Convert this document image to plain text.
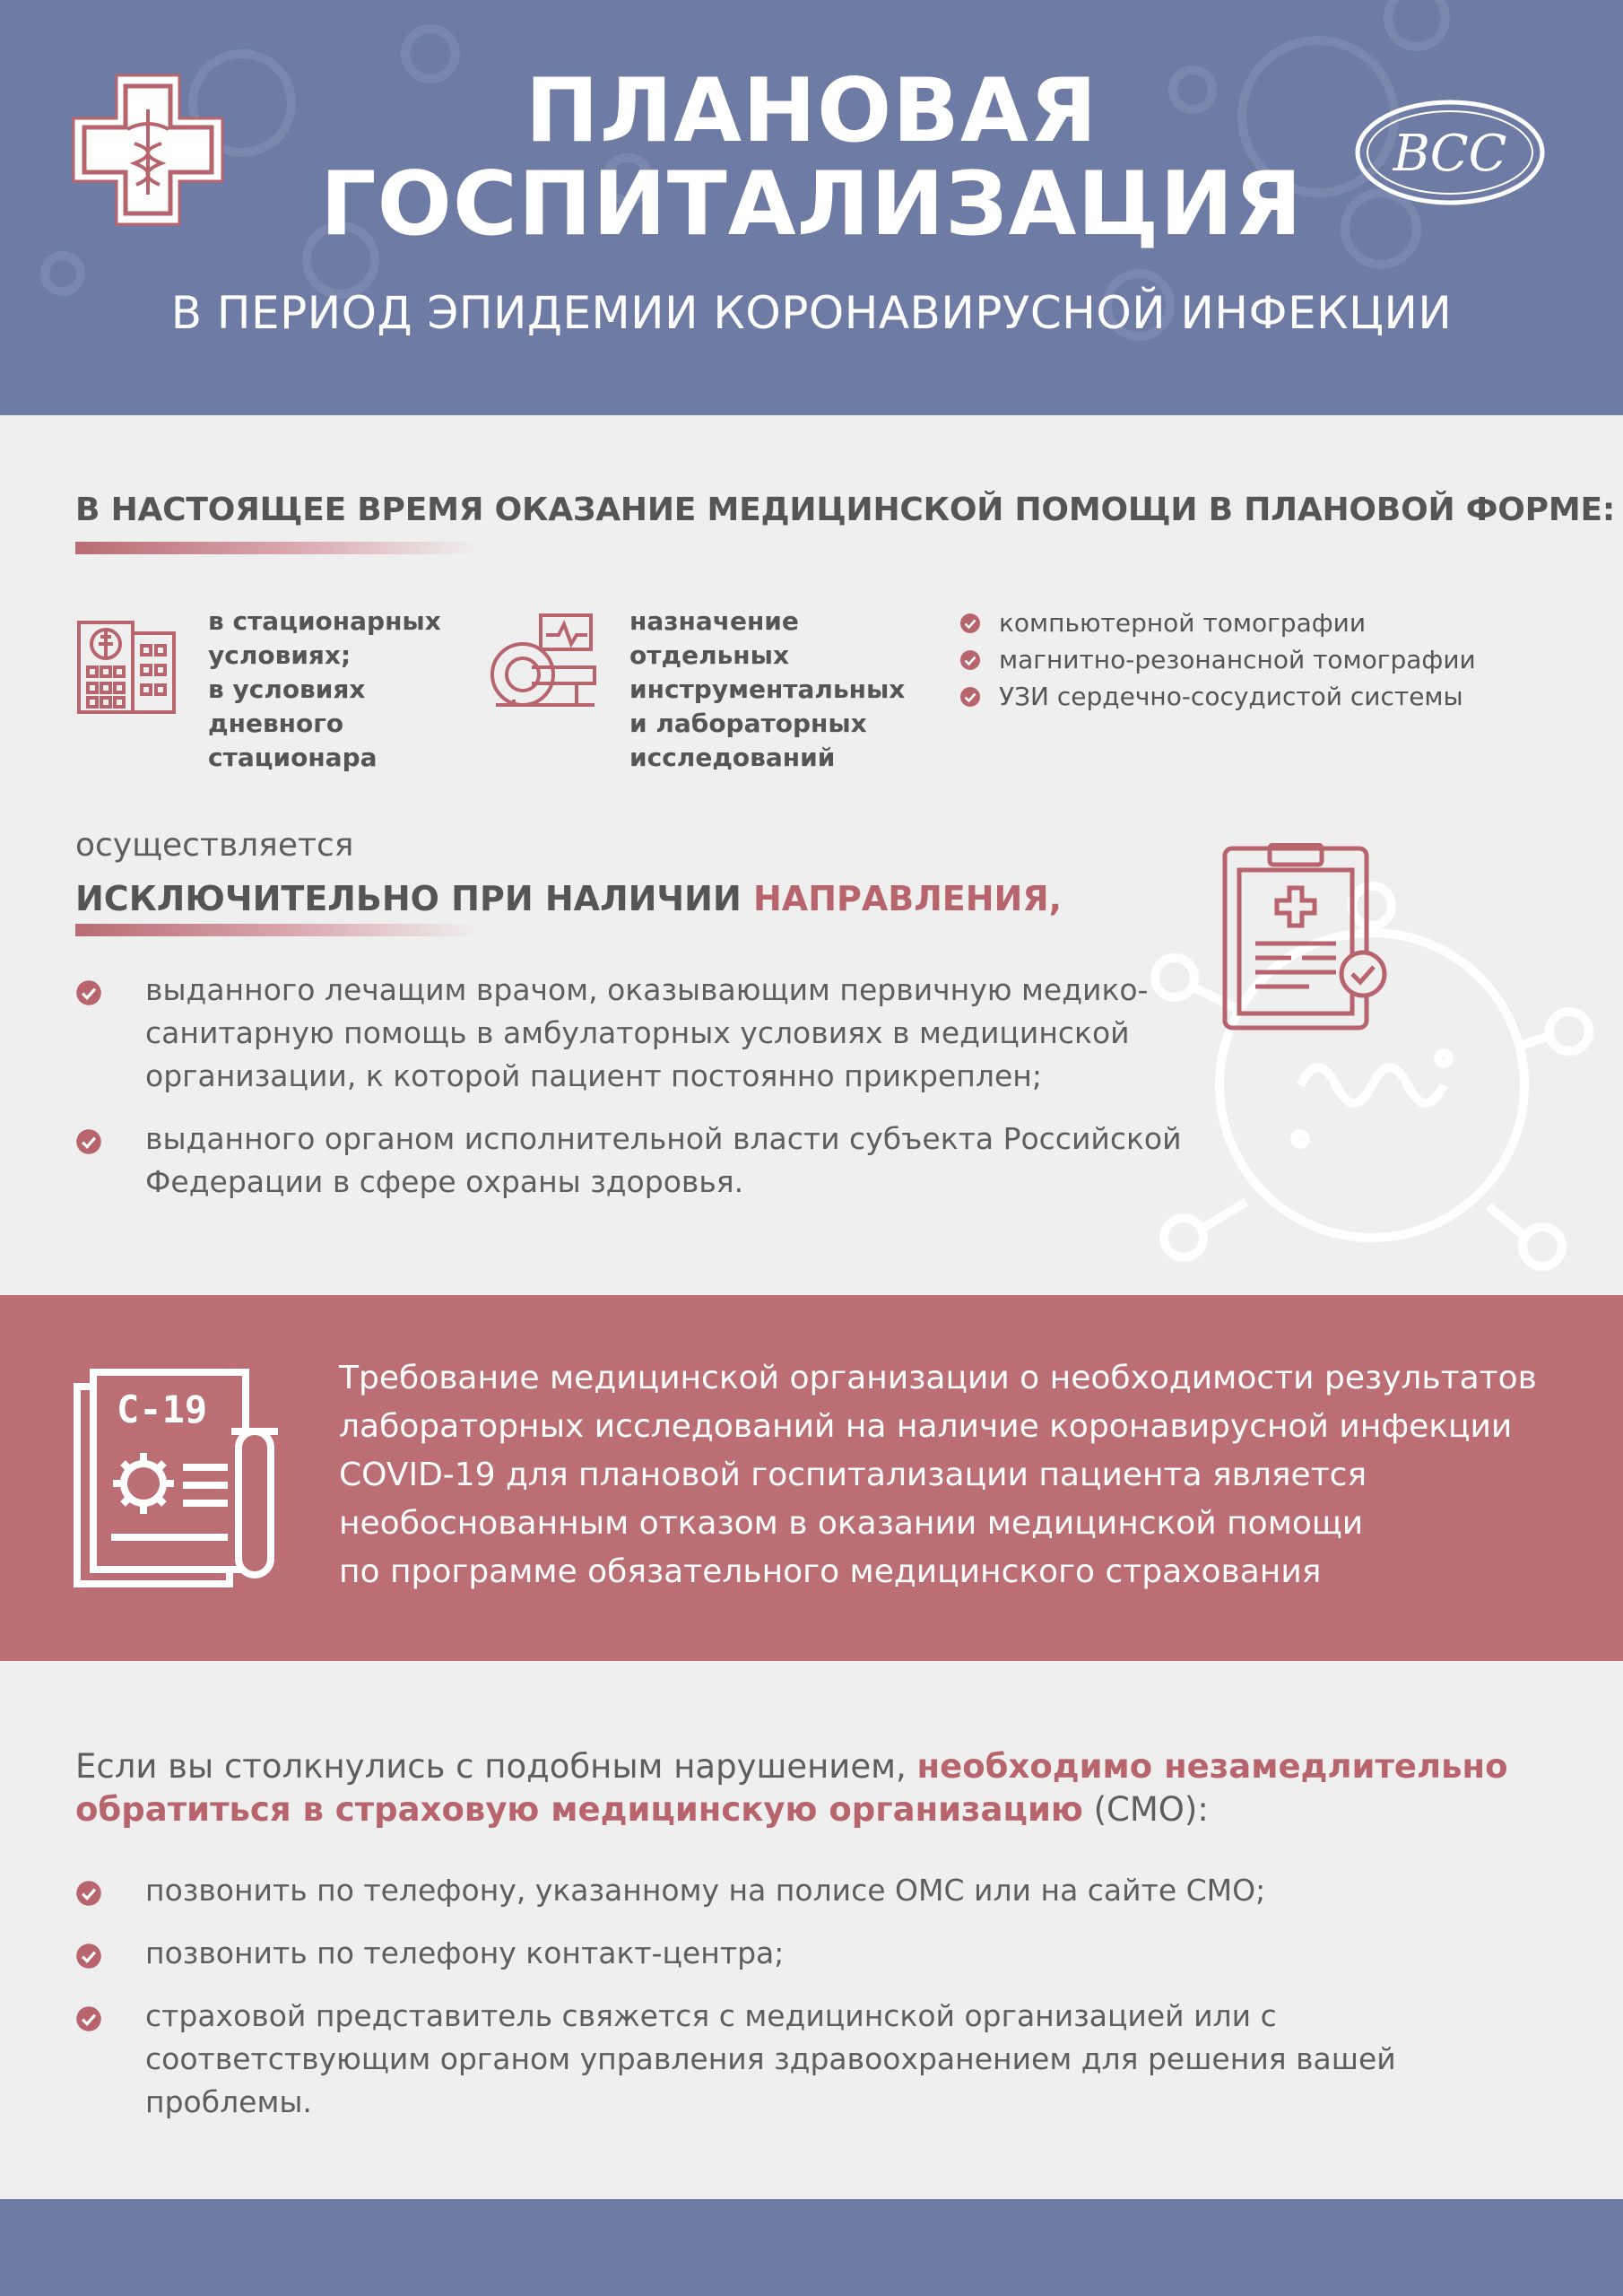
ПЛАНОВАЯ
ГОСПИТАЛИЗАЦИЯ	ВСС
В ПЕРИОД ЭПИДЕМИИ КОРОНАВИРУСНОЙ ИНФЕКЦИИ
В НАСТОЯЩЕЕ ВРЕМЯ ОКАЗАНИЕ МЕДИЦИНСКОЙ ПОМОЩИ В ПЛАНОВОЙ ФОРМЕ:
в стационарных
условиях;
в условиях
дневного
стационара
назначение
отдельных
инструментальных
и лабораторных
исследований
компьютерной томографии
магнитно-резонансной томографии
УЗИ сердечно-сосудистой системы
осуществляется
ИСКЛЮЧИТЕЛЬНО ПРИ НАЛИЧИИ НАПРАВЛЕНИЯ,
выданного лечащим врачом, оказывающим первичную медико-санитарную помощь в амбулаторных условиях в медицинской организации, к которой пациент постоянно прикреплен;
выданного органом исполнительной власти субъекта Российской Федерации в сфере охраны здоровья.
C-19

Требование медицинской организации о необходимости результатов
лабораторных исследований на наличие коронавирусной инфекции
COVID-19 для плановой госпитализации пациента является
необоснованным отказом в оказании медицинской помощи
по программе обязательного медицинского страхования

Если вы столкнулись с подобным нарушением, необходимо незамедлительно обратиться в страховую медицинскую организацию (СМО):
позвонить по телефону, указанному на полисе ОМС или на сайте СМО;
позвонить по телефону контакт-центра;
страховой представитель свяжется с медицинской организацией или с соответствующим органом управления здравоохранением для решения вашей проблемы.
